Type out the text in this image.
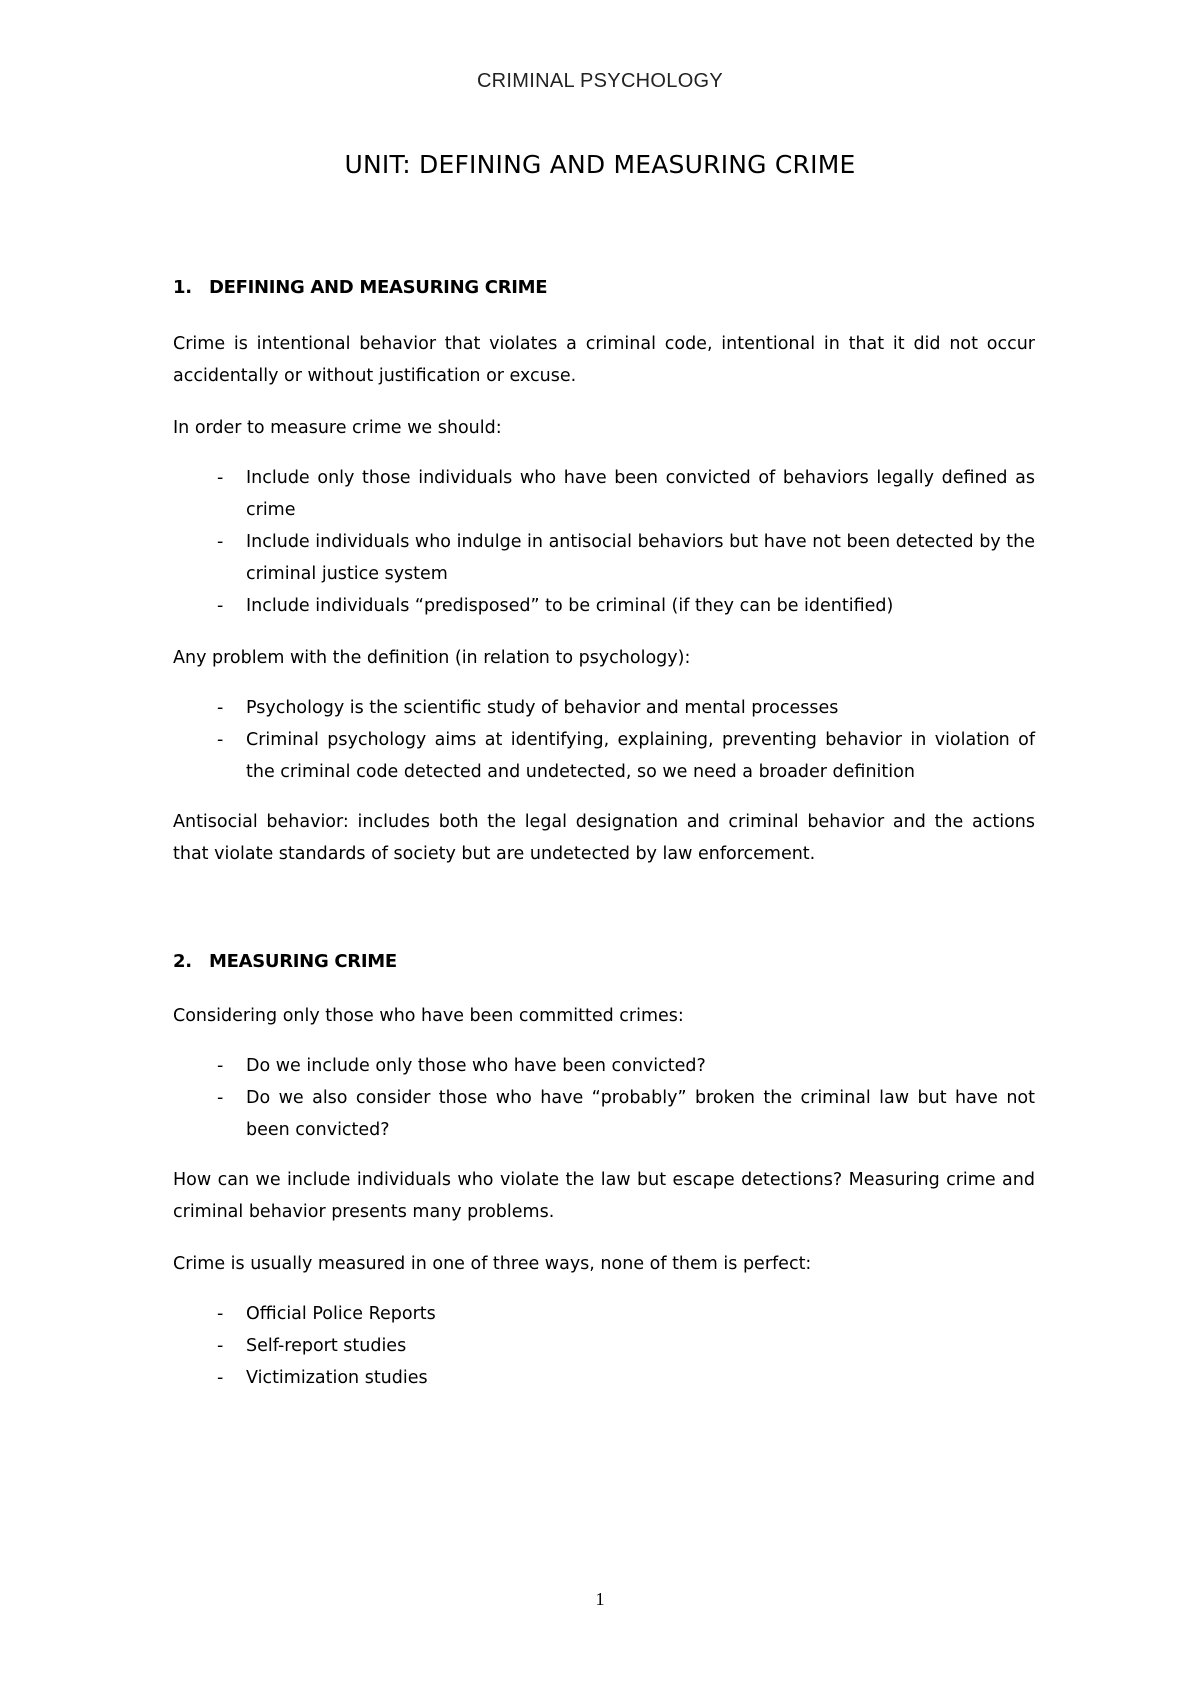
CRIMINAL PSYCHOLOGY
UNIT: DEFINING AND MEASURING CRIME
1. DEFINING AND MEASURING CRIME
Crime is intentional behavior that violates a criminal code, intentional in that it did not occur accidentally or without justification or excuse.
In order to measure crime we should:
- Include only those individuals who have been convicted of behaviors legally defined as crime
- Include individuals who indulge in antisocial behaviors but have not been detected by the criminal justice system
- Include individuals “predisposed” to be criminal (if they can be identified)
Any problem with the definition (in relation to psychology):
- Psychology is the scientific study of behavior and mental processes
- Criminal psychology aims at identifying, explaining, preventing behavior in violation of the criminal code detected and undetected, so we need a broader definition
Antisocial behavior: includes both the legal designation and criminal behavior and the actions that violate standards of society but are undetected by law enforcement.
2. MEASURING CRIME
Considering only those who have been committed crimes:
- Do we include only those who have been convicted?
- Do we also consider those who have “probably” broken the criminal law but have not been convicted?
How can we include individuals who violate the law but escape detections? Measuring crime and criminal behavior presents many problems.
Crime is usually measured in one of three ways, none of them is perfect:
- Official Police Reports
- Self-report studies
- Victimization studies
1
